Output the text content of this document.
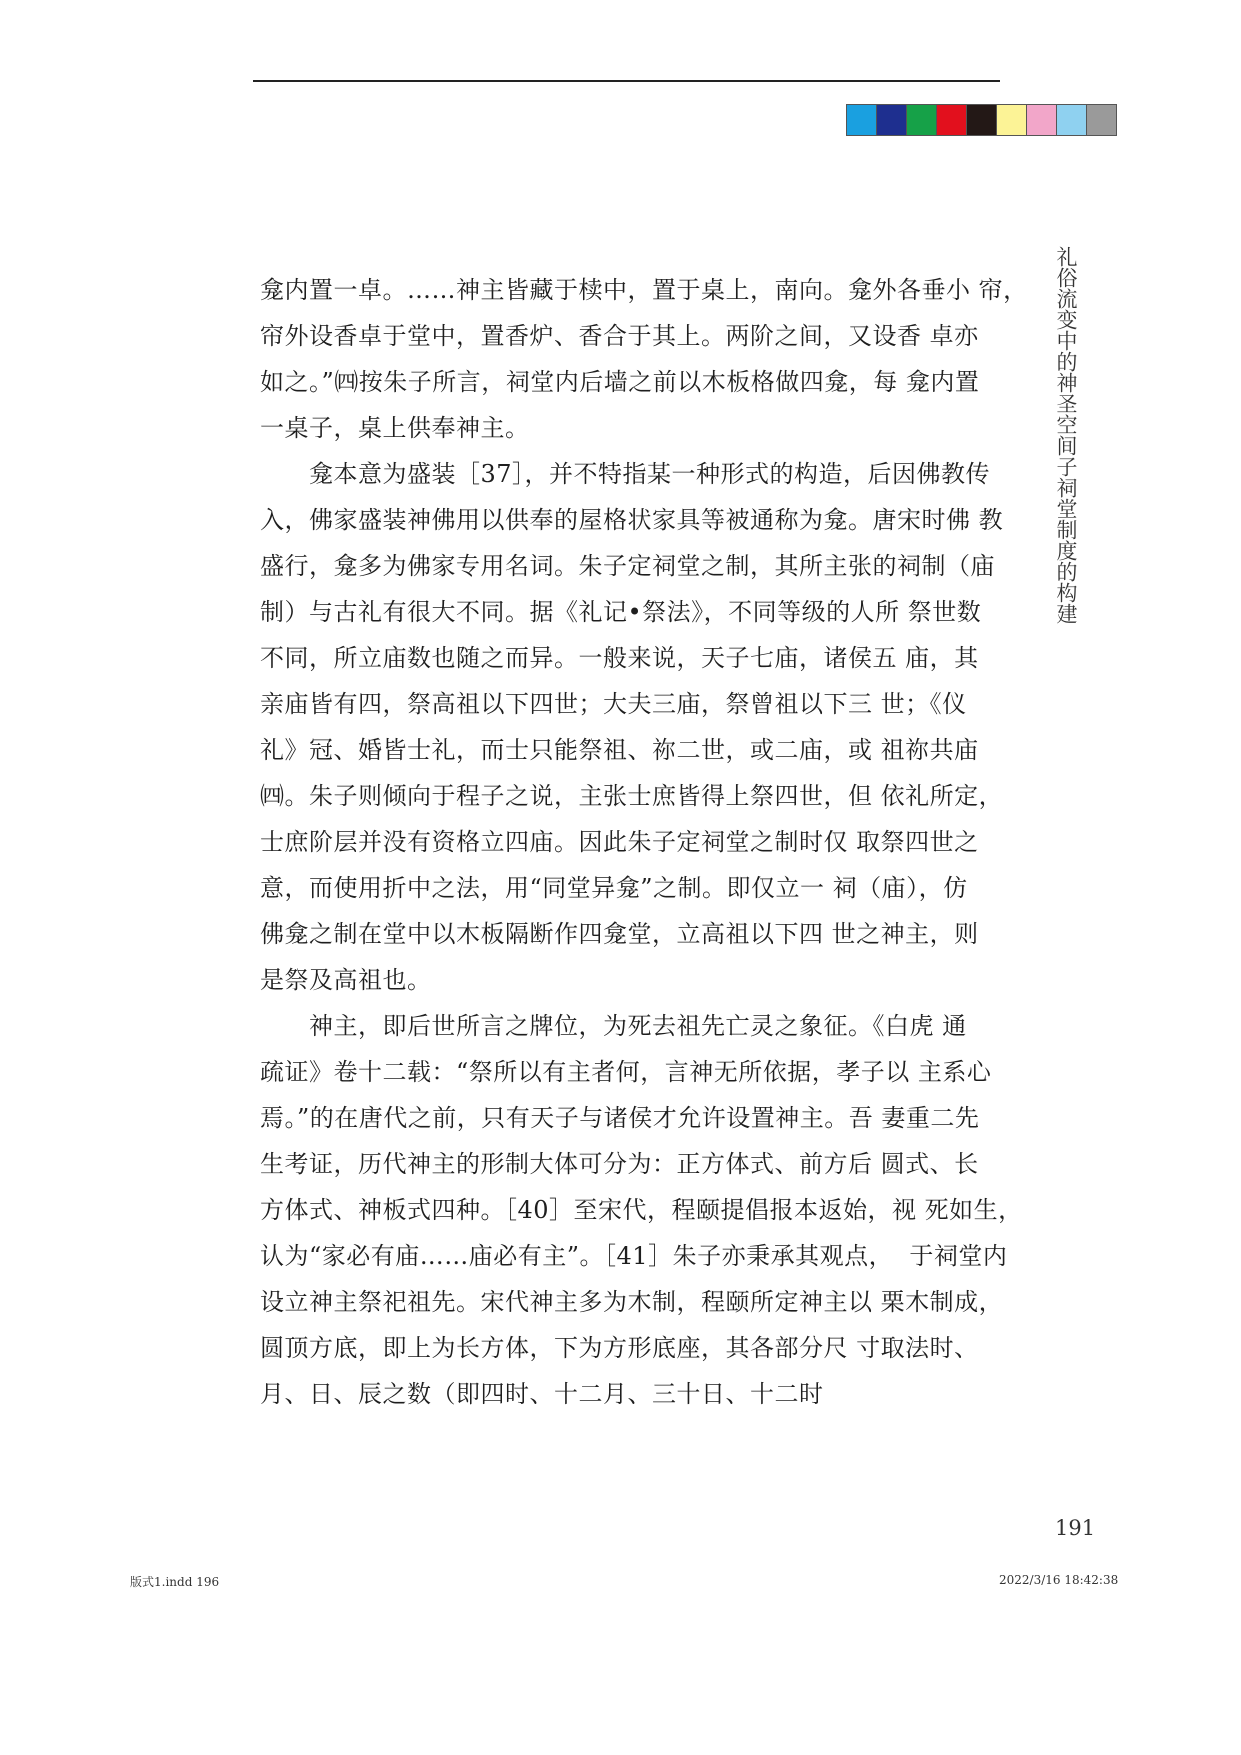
礼俗流变中的神圣空间子祠堂制度的构建
龛内置一卓。……神主皆藏于椟中，置于桌上，南向。龛外各垂小 帘，
帘外设香卓于堂中，置香炉、香合于其上。两阶之间，又设香 卓亦
如之。”㈣按朱子所言，祠堂内后墙之前以木板格做四龛，每 龛内置
一桌子，桌上供奉神主。
　　龛本意为盛装［37］，并不特指某一种形式的构造，后因佛教传
入，佛家盛装神佛用以供奉的屋格状家具等被通称为龛。唐宋时佛 教
盛行，龛多为佛家专用名词。朱子定祠堂之制，其所主张的祠制（庙
制）与古礼有很大不同。据《礼记•祭法》，不同等级的人所 祭世数
不同，所立庙数也随之而异。一般来说，天子七庙，诸侯五 庙，其
亲庙皆有四，祭高祖以下四世；大夫三庙，祭曾祖以下三 世；《仪
礼》冠、婚皆士礼，而士只能祭祖、祢二世，或二庙，或 祖祢共庙
㈣。朱子则倾向于程子之说，主张士庶皆得上祭四世，但 依礼所定，
士庶阶层并没有资格立四庙。因此朱子定祠堂之制时仅 取祭四世之
意，而使用折中之法，用“同堂异龛”之制。即仅立一 祠（庙），仿
佛龛之制在堂中以木板隔断作四龛堂，立高祖以下四 世之神主，则
是祭及高祖也。
　　神主，即后世所言之牌位，为死去祖先亡灵之象征。《白虎 通
疏证》卷十二载：“祭所以有主者何，言神无所依据，孝子以 主系心
焉。”的在唐代之前，只有天子与诸侯才允许设置神主。吾 妻重二先
生考证，历代神主的形制大体可分为：正方体式、前方后 圆式、长
方体式、神板式四种。［40］至宋代，程颐提倡报本返始，视 死如生，
认为“家必有庙……庙必有主”。［41］朱子亦秉承其观点，  于祠堂内
设立神主祭祀祖先。宋代神主多为木制，程颐所定神主以 栗木制成，
圆顶方底，即上为长方体，下为方形底座，其各部分尺 寸取法时、
月、日、辰之数（即四时、十二月、三十日、十二时
191
版式1.indd 196	2022/3/16 18:42:38
